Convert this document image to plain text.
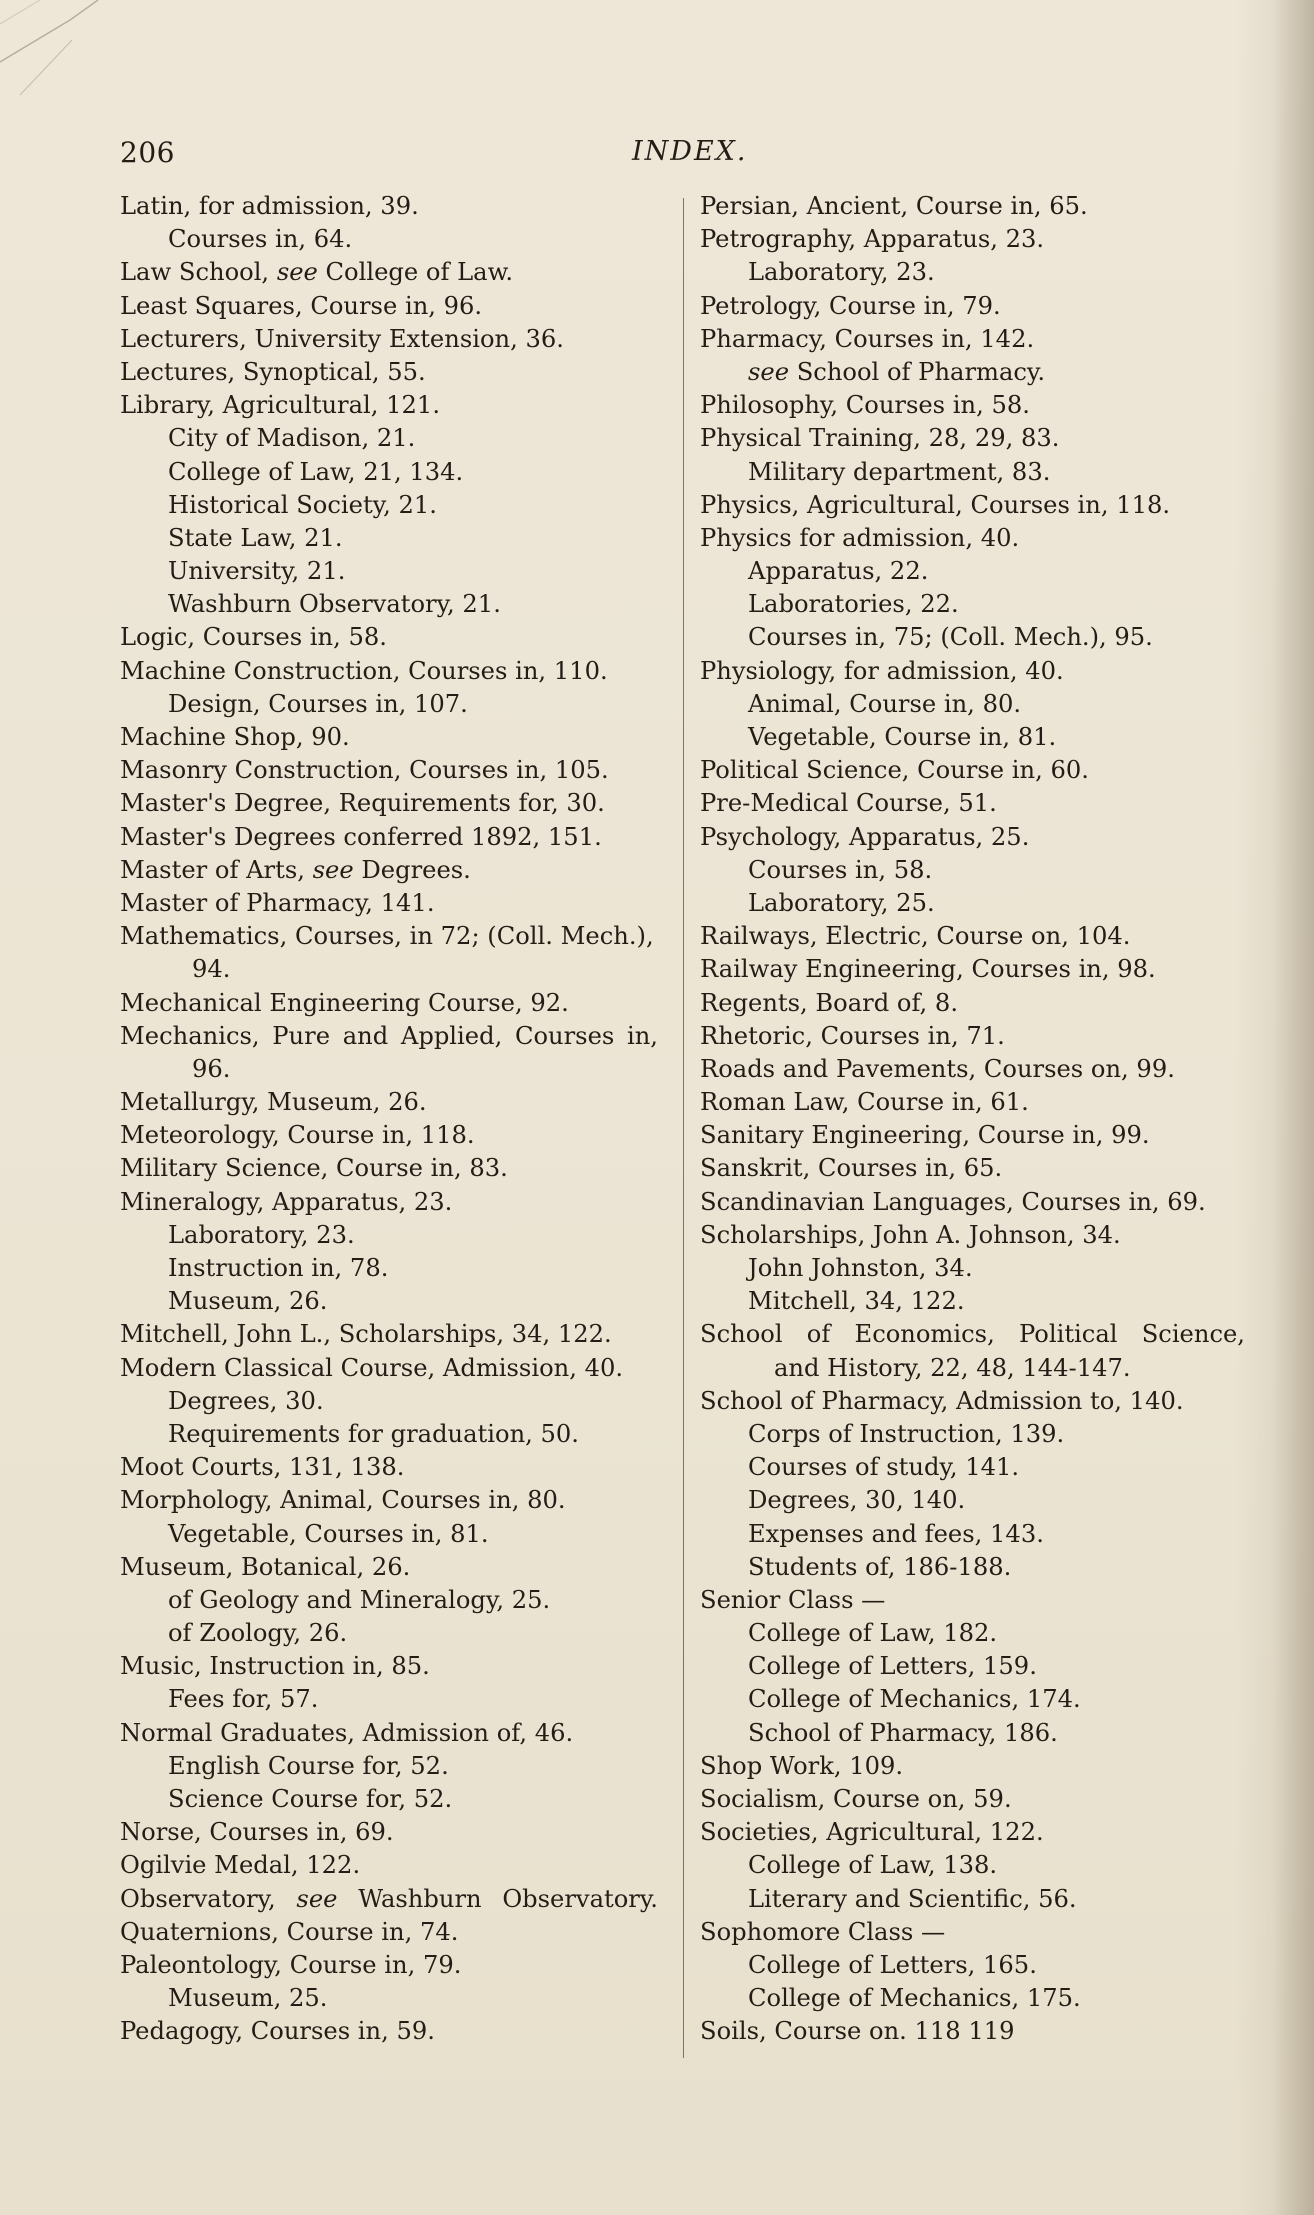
206	INDEX.
Latin, for admission, 39.
Courses in, 64.
Law School, see College of Law.
Least Squares, Course in, 96.
Lecturers, University Extension, 36.
Lectures, Synoptical, 55.
Library, Agricultural, 121.
City of Madison, 21.
College of Law, 21, 134.
Historical Society, 21.
State Law, 21.
University, 21.
Washburn Observatory, 21.
Logic, Courses in, 58.
Machine Construction, Courses in, 110.
Design, Courses in, 107.
Machine Shop, 90.
Masonry Construction, Courses in, 105.
Master's Degree, Requirements for, 30.
Master's Degrees conferred 1892, 151.
Master of Arts, see Degrees.
Master of Pharmacy, 141.
Mathematics, Courses, in 72; (Coll. Mech.),
94.
Mechanical Engineering Course, 92.
Mechanics, Pure and Applied, Courses in,
96.
Metallurgy, Museum, 26.
Meteorology, Course in, 118.
Military Science, Course in, 83.
Mineralogy, Apparatus, 23.
Laboratory, 23.
Instruction in, 78.
Museum, 26.
Mitchell, John L., Scholarships, 34, 122.
Modern Classical Course, Admission, 40.
Degrees, 30.
Requirements for graduation, 50.
Moot Courts, 131, 138.
Morphology, Animal, Courses in, 80.
Vegetable, Courses in, 81.
Museum, Botanical, 26.
of Geology and Mineralogy, 25.
of Zoology, 26.
Music, Instruction in, 85.
Fees for, 57.
Normal Graduates, Admission of, 46.
English Course for, 52.
Science Course for, 52.
Norse, Courses in, 69.
Ogilvie Medal, 122.
Observatory, see Washburn Observatory.
Quaternions, Course in, 74.
Paleontology, Course in, 79.
Museum, 25.
Pedagogy, Courses in, 59.
Persian, Ancient, Course in, 65.
Petrography, Apparatus, 23.
Laboratory, 23.
Petrology, Course in, 79.
Pharmacy, Courses in, 142.
see School of Pharmacy.
Philosophy, Courses in, 58.
Physical Training, 28, 29, 83.
Military department, 83.
Physics, Agricultural, Courses in, 118.
Physics for admission, 40.
Apparatus, 22.
Laboratories, 22.
Courses in, 75; (Coll. Mech.), 95.
Physiology, for admission, 40.
Animal, Course in, 80.
Vegetable, Course in, 81.
Political Science, Course in, 60.
Pre-Medical Course, 51.
Psychology, Apparatus, 25.
Courses in, 58.
Laboratory, 25.
Railways, Electric, Course on, 104.
Railway Engineering, Courses in, 98.
Regents, Board of, 8.
Rhetoric, Courses in, 71.
Roads and Pavements, Courses on, 99.
Roman Law, Course in, 61.
Sanitary Engineering, Course in, 99.
Sanskrit, Courses in, 65.
Scandinavian Languages, Courses in, 69.
Scholarships, John A. Johnson, 34.
John Johnston, 34.
Mitchell, 34, 122.
School of Economics, Political Science,
and History, 22, 48, 144-147.
School of Pharmacy, Admission to, 140.
Corps of Instruction, 139.
Courses of study, 141.
Degrees, 30, 140.
Expenses and fees, 143.
Students of, 186-188.
Senior Class —
College of Law, 182.
College of Letters, 159.
College of Mechanics, 174.
School of Pharmacy, 186.
Shop Work, 109.
Socialism, Course on, 59.
Societies, Agricultural, 122.
College of Law, 138.
Literary and Scientific, 56.
Sophomore Class —
College of Letters, 165.
College of Mechanics, 175.
Soils, Course on. 118 119
